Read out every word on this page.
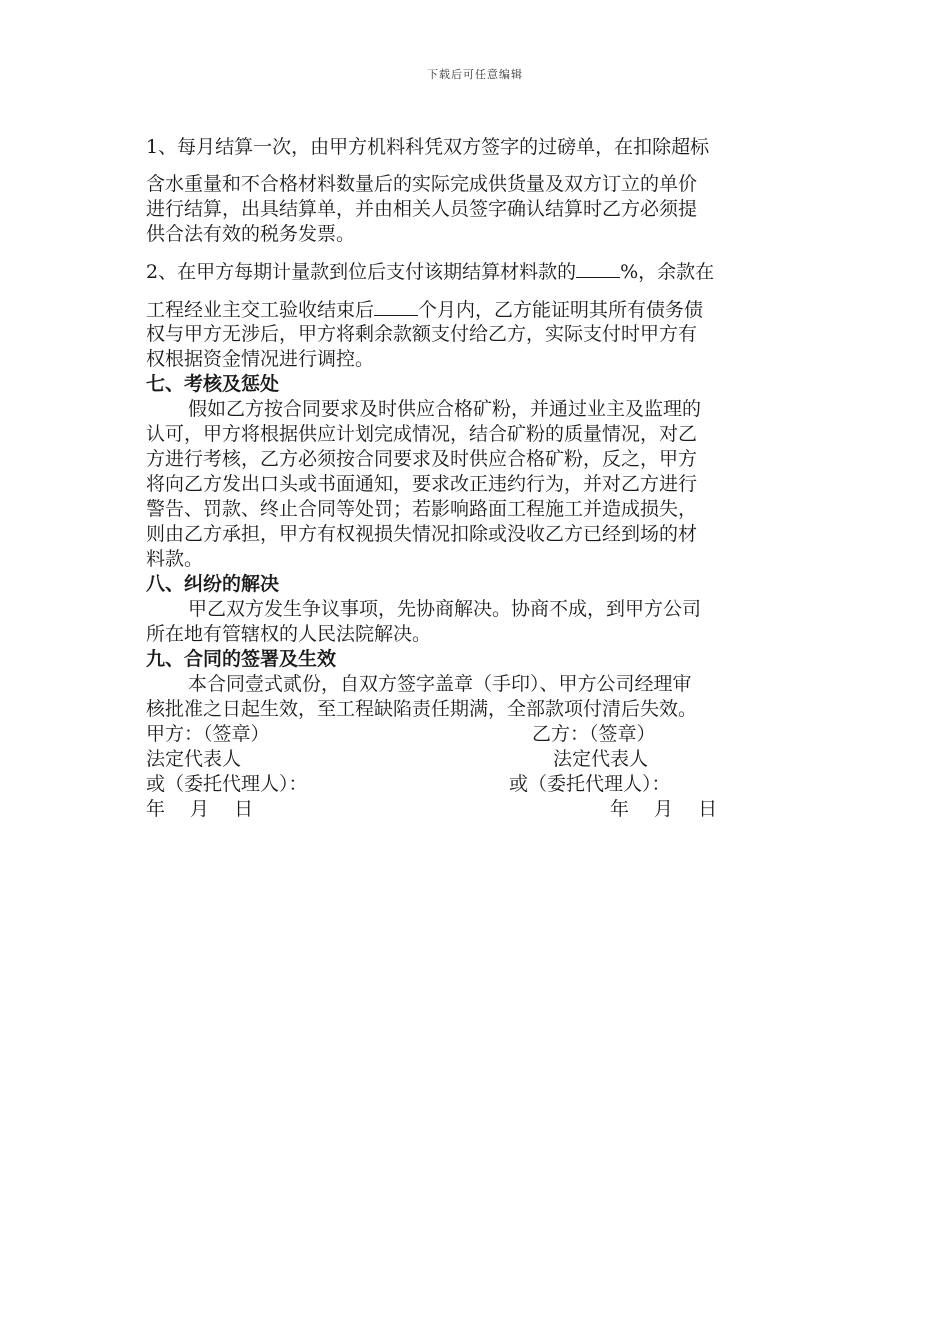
下载后可任意编辑
1、每月结算一次，由甲方机料科凭双方签字的过磅单，在扣除超标
含水重量和不合格材料数量后的实际完成供货量及双方订立的单价
进行结算，出具结算单，并由相关人员签字确认结算时乙方必须提
供合法有效的税务发票。
2、在甲方每期计量款到位后支付该期结算材料款的 %，余款在
工程经业主交工验收结束后 个月内，乙方能证明其所有债务债
权与甲方无涉后，甲方将剩余款额支付给乙方，实际支付时甲方有
权根据资金情况进行调控。
七、考核及惩处
假如乙方按合同要求及时供应合格矿粉，并通过业主及监理的
认可，甲方将根据供应计划完成情况，结合矿粉的质量情况，对乙
方进行考核，乙方必须按合同要求及时供应合格矿粉，反之，甲方
将向乙方发出口头或书面通知，要求改正违约行为，并对乙方进行
警告、罚款、终止合同等处罚；若影响路面工程施工并造成损失，
则由乙方承担，甲方有权视损失情况扣除或没收乙方已经到场的材
料款。
八、纠纷的解决
甲乙双方发生争议事项，先协商解决。协商不成，到甲方公司
所在地有管辖权的人民法院解决。
九、合同的签署及生效
本合同壹式贰份，自双方签字盖章（手印）、甲方公司经理审
核批准之日起生效，至工程缺陷责任期满，全部款项付清后失效。
甲方：（签章）	乙方：（签章）
法定代表人	法定代表人
或（委托代理人）：	或（委托代理人）：
年　 月　 日	年　 月　 日
